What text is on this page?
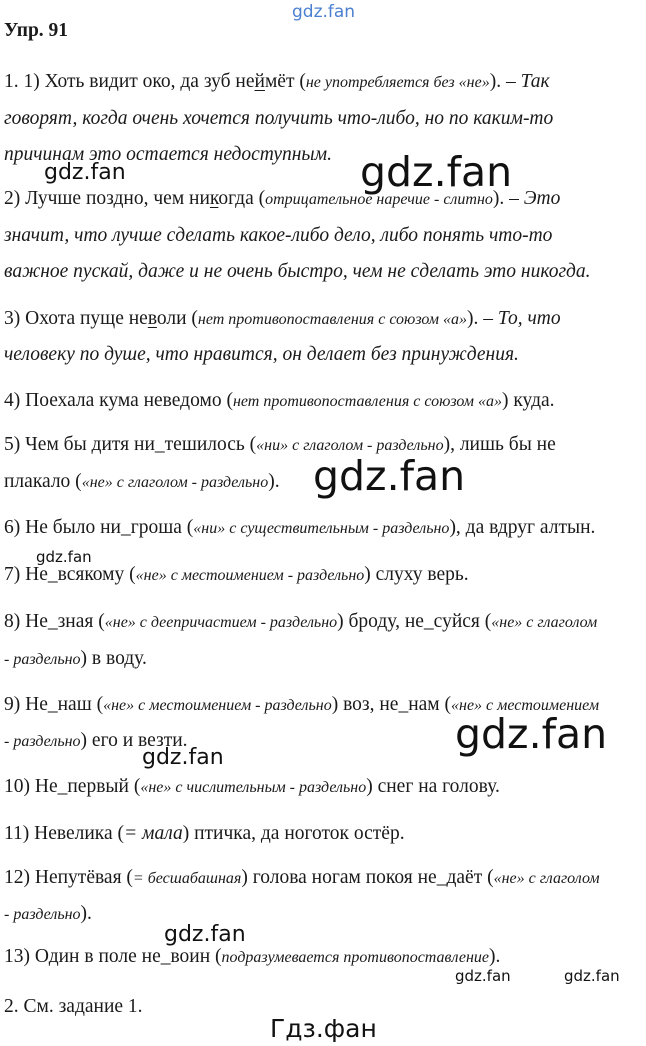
gdz.fan
Упр. 91
1. 1) Хоть видит око, да зуб неймёт (не употребляется без «не»). – Так
говорят, когда очень хочется получить что-либо, но по каким-то
причинам это остается недоступным.
2) Лучше поздно, чем никогда (отрицательное наречие - слитно). – Это
значит, что лучше сделать какое-либо дело, либо понять что-то
важное пускай, даже и не очень быстро, чем не сделать это никогда.
3) Охота пуще неволи (нет противопоставления с союзом «а»). – То, что
человеку по душе, что нравится, он делает без принуждения.
4) Поехала кума неведомо (нет противопоставления с союзом «а») куда.
5) Чем бы дитя ни_тешилось («ни» с глаголом - раздельно), лишь бы не
плакало («не» с глаголом - раздельно).
6) Не было ни_гроша («ни» с существительным - раздельно), да вдруг алтын.
7) Не_всякому («не» с местоимением - раздельно) слуху верь.
8) Не_зная («не» с деепричастием - раздельно) броду, не_суйся («не» с глаголом
- раздельно) в воду.
9) Не_наш («не» с местоимением - раздельно) воз, не_нам («не» с местоимением
- раздельно) его и везти.
10) Не_первый («не» с числительным - раздельно) снег на голову.
11) Невелика (= мала) птичка, да ноготок остёр.
12) Непутёвая (= бесшабашная) голова ногам покоя не_даёт («не» с глаголом
- раздельно).
13) Один в поле не_воин (подразумевается противопоставление).
2. См. задание 1.
gdz.fan	gdz.fan
gdz.fan
gdz.fan
gdz.fan
gdz.fan
gdz.fan
gdz.fan	gdz.fan
Гдз.фан
